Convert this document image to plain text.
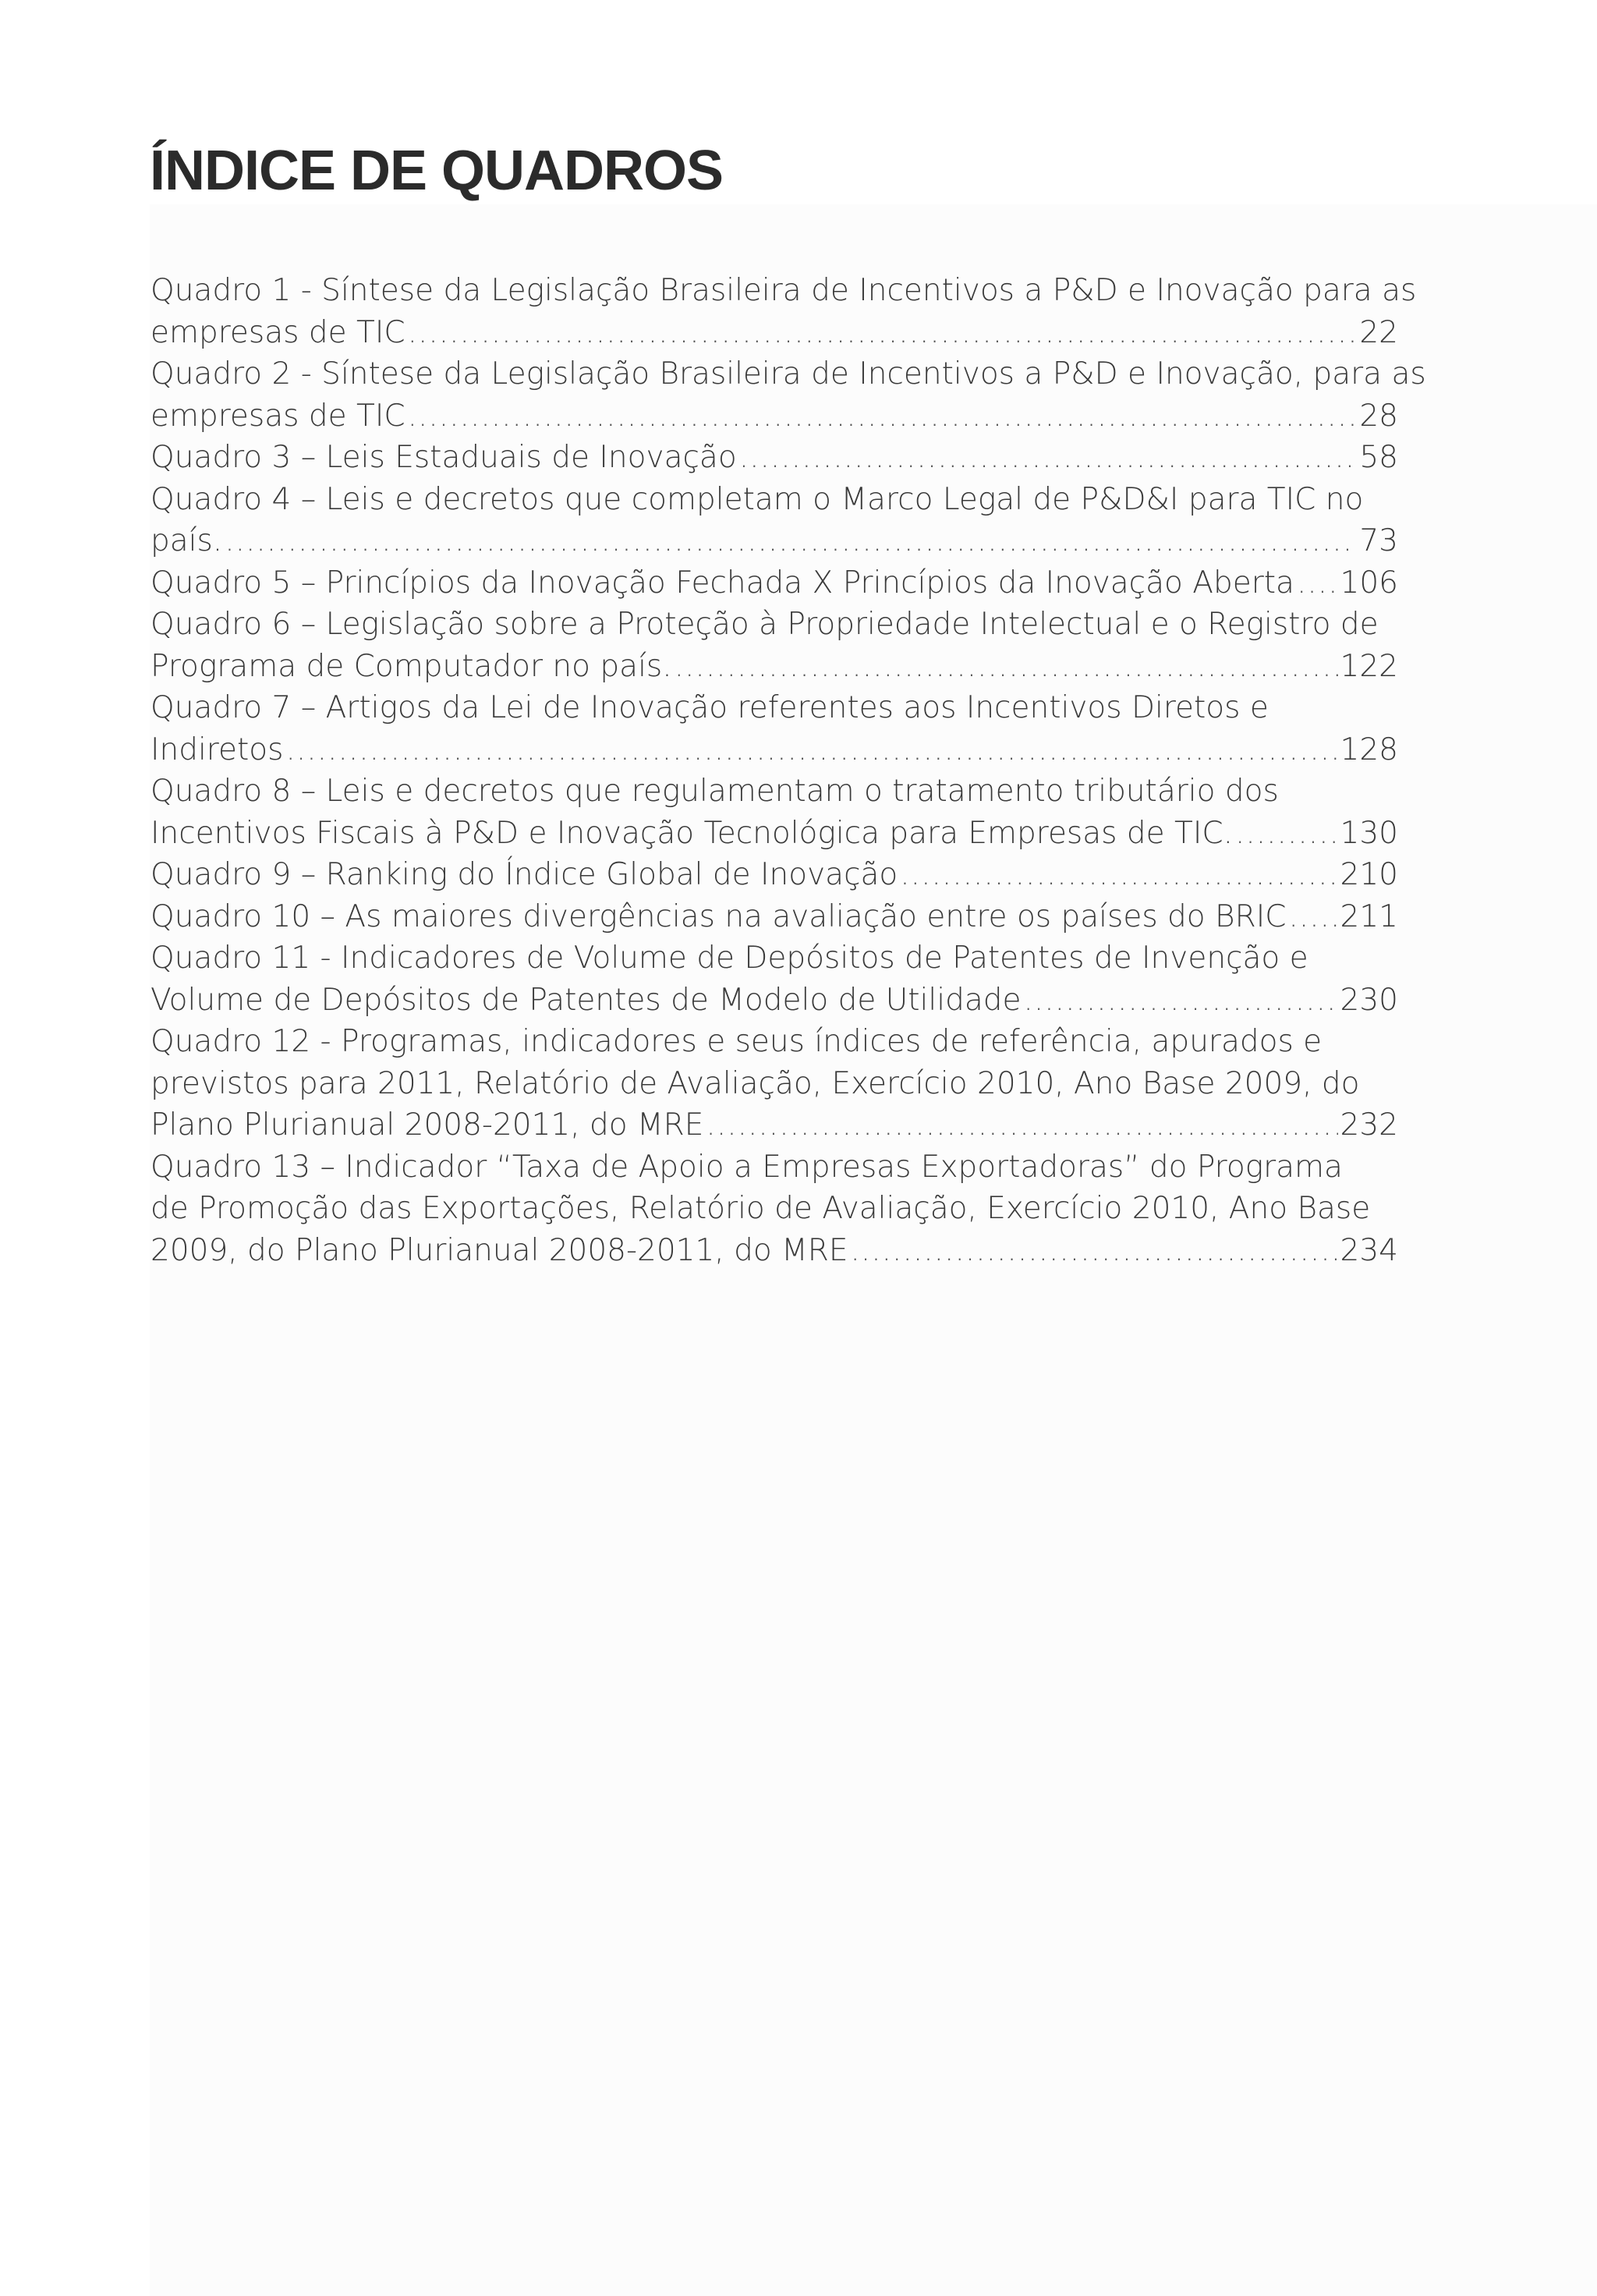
ÍNDICE DE QUADROS
Quadro 1 - Síntese da Legislação Brasileira de Incentivos a P&D e Inovação para as
empresas de TIC .....	22
Quadro 2 - Síntese da Legislação Brasileira de Incentivos a P&D e Inovação, para as
empresas de TIC .....	28
Quadro 3 – Leis Estaduais de Inovação .....	58
Quadro 4 – Leis e decretos que completam o Marco Legal de P&D&I para TIC no
país. .....	73
Quadro 5 – Princípios da Inovação Fechada X Princípios da Inovação Aberta ..... 106
Quadro 6 – Legislação sobre a Proteção à Propriedade Intelectual e o Registro de
Programa de Computador no país. .....	122
Quadro 7 – Artigos da Lei de Inovação referentes aos Incentivos Diretos e
Indiretos .....	128
Quadro 8 – Leis e decretos que regulamentam o tratamento tributário dos
Incentivos Fiscais à P&D e Inovação Tecnológica para Empresas de TIC. .....	130
Quadro 9 – Ranking do Índice Global de Inovação .....	210
Quadro 10 – As maiores divergências na avaliação entre os países do BRIC ..... 211
Quadro 11 - Indicadores de Volume de Depósitos de Patentes de Invenção e
Volume de Depósitos de Patentes de Modelo de Utilidade .....	230
Quadro 12 - Programas, indicadores e seus índices de referência, apurados e
previstos para 2011, Relatório de Avaliação, Exercício 2010, Ano Base 2009, do
Plano Plurianual 2008-2011, do MRE .....	232
Quadro 13 – Indicador “Taxa de Apoio a Empresas Exportadoras” do Programa
de Promoção das Exportações, Relatório de Avaliação, Exercício 2010, Ano Base
2009, do Plano Plurianual 2008-2011, do MRE .....	234
